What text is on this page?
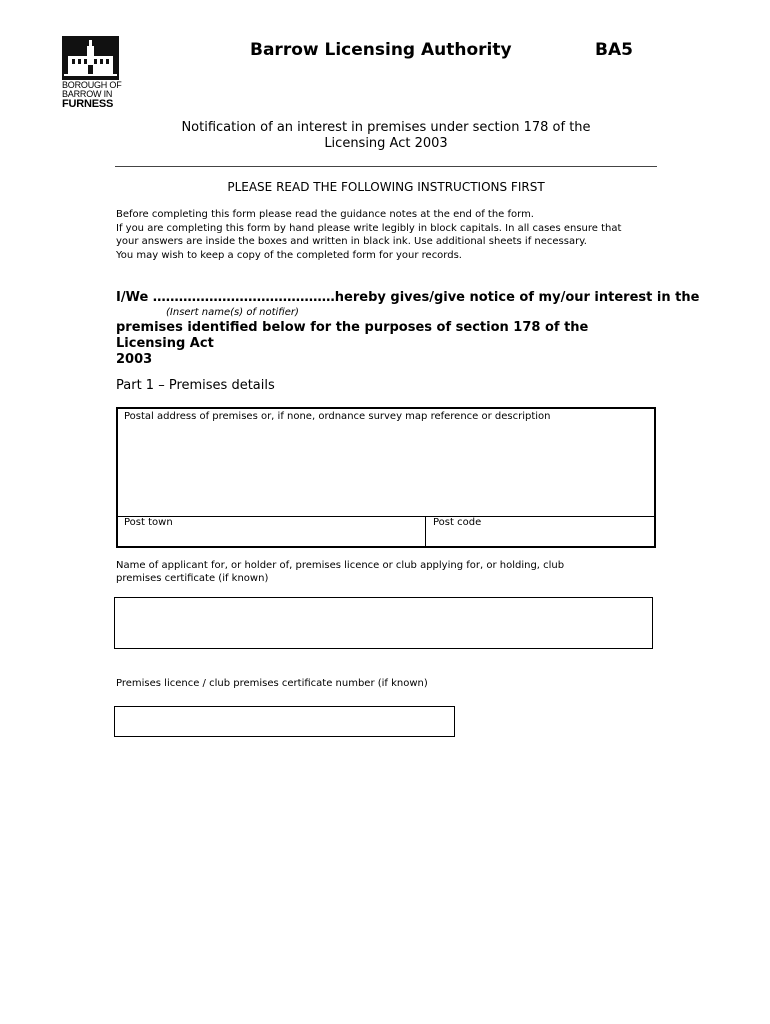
BOROUGH OF
BARROW IN
FURNESS
Barrow Licensing Authority	BA5
Notification of an interest in premises under section 178 of the
Licensing Act 2003
PLEASE READ THE FOLLOWING INSTRUCTIONS FIRST
Before completing this form please read the guidance notes at the end of the form.
If you are completing this form by hand please write legibly in block capitals. In all cases ensure that
your answers are inside the boxes and written in black ink. Use additional sheets if necessary.
You may wish to keep a copy of the completed form for your records.
I/We ……………………………………hereby gives/give notice of my/our interest in the
(Insert name(s) of notifier)
premises identified below for the purposes of section 178 of the Licensing Act
2003
Part 1 – Premises details
Postal address of premises or, if none, ordnance survey map reference or description
Post town	Post code
Name of applicant for, or holder of, premises licence or club applying for, or holding, club
premises certificate (if known)
Premises licence / club premises certificate number (if known)
